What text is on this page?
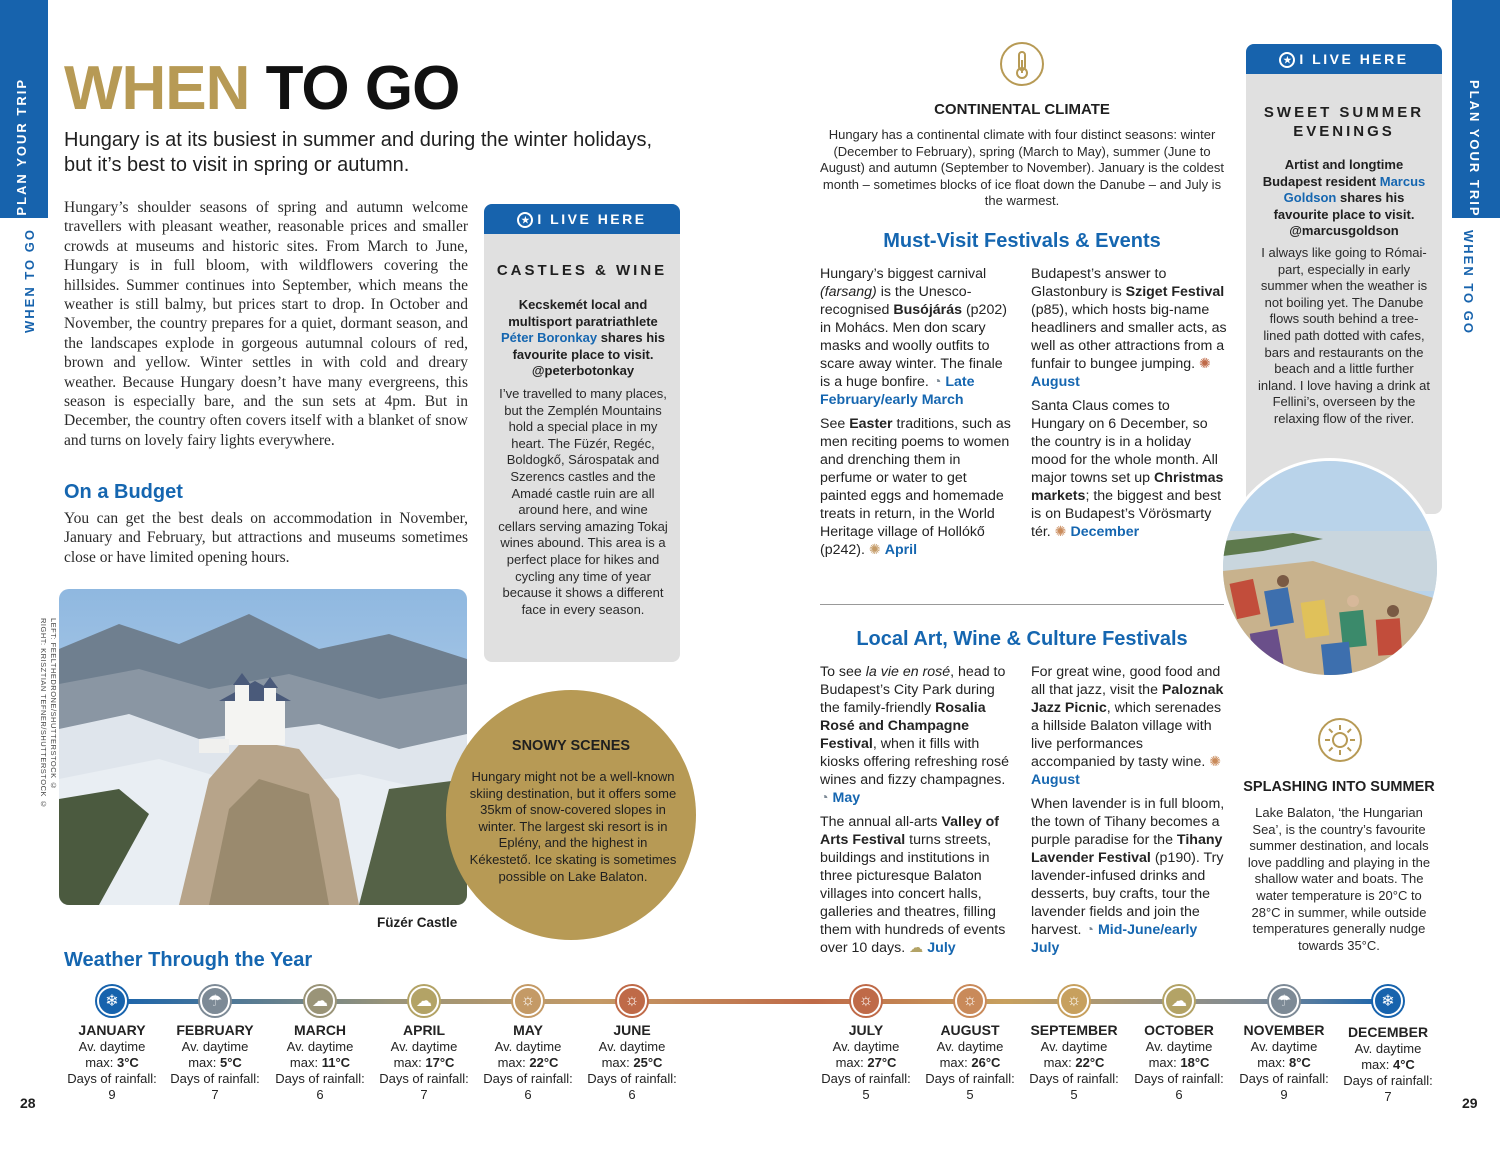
PLAN YOUR TRIP
WHEN TO GO
28
PLAN YOUR TRIP
WHEN TO GO
29
WHEN TO GO
Hungary is at its busiest in summer and during the winter holidays, but it’s best to visit in spring or autumn.
Hungary’s shoulder seasons of spring and autumn welcome travellers with pleasant weather, reasonable prices and smaller crowds at museums and historic sites. From March to June, Hungary is in full bloom, with wildflowers covering the hillsides. Summer continues into September, which means the weather is still balmy, but prices start to drop. In October and November, the country prepares for a quiet, dormant season, and the landscapes explode in gorgeous autumnal colours of red, brown and yellow. Winter settles in with cold and dreary weather. Because Hungary doesn’t have many evergreens, this season is especially bare, and the sun sets at 4pm. But in December, the country often covers itself with a blanket of snow and turns on lovely fairy lights everywhere.
On a Budget
You can get the best deals on accommodation in November, January and February, but attractions and museums sometimes close or have limited opening hours.
LEFT: FEELTHEDRONE/SHUTTERSTOCK ©
RIGHT: KRISZTIAN TEFNER/SHUTTERSTOCK ©
Füzér Castle
★ I LIVE HERE
CASTLES & WINE
Kecskemét local and multisport paratriathlete Péter Boronkay shares his favourite place to visit.
@peterbotonkay
I’ve travelled to many places, but the Zemplén Mountains hold a special place in my heart. The Füzér, Regéc, Boldogkő, Sárospatak and Szerencs castles and the Amadé castle ruin are all around here, and wine cellars serving amazing Tokaj wines abound. This area is a perfect place for hikes and cycling any time of year because it shows a different face in every season.
SNOWY SCENES
Hungary might not be a well-known skiing destination, but it offers some 35km of snow-covered slopes in winter. The largest ski resort is in Eplény, and the highest in Kékestető. Ice skating is sometimes possible on Lake Balaton.
CONTINENTAL CLIMATE
Hungary has a continental climate with four distinct seasons: winter (December to February), spring (March to May), summer (June to August) and autumn (September to November). January is the coldest month – sometimes blocks of ice float down the Danube – and July is the warmest.
Must-Visit Festivals & Events

Hungary’s biggest carnival (farsang) is the Unesco-recognised Busójárás (p202) in Mohács. Men don scary masks and woolly outfits to scare away winter. The finale is a huge bonfire. ◔ Late February/early March

See Easter traditions, such as men reciting poems to women and drenching them in perfume or water to get painted eggs and homemade treats in return, in the World Heritage village of Hollókő (p242). ✺ April

Budapest’s answer to Glastonbury is Sziget Festival (p85), which hosts big-name headliners and smaller acts, as well as other attractions from a funfair to bungee jumping. ✺ August

Santa Claus comes to Hungary on 6 December, so the country is in a holiday mood for the whole month. All major towns set up Christmas markets; the biggest and best is on Budapest’s Vörösmarty tér. ✺ December

Local Art, Wine & Culture Festivals

To see la vie en rosé, head to Budapest’s City Park during the family-friendly Rosalia Rosé and Champagne Festival, when it fills with kiosks offering refreshing rosé wines and fizzy champagnes. ◔ May

The annual all-arts Valley of Arts Festival turns streets, buildings and institutions in three picturesque Balaton villages into concert halls, galleries and theatres, filling them with hundreds of events over 10 days. ☁ July

For great wine, good food and all that jazz, visit the Paloznak Jazz Picnic, which serenades a hillside Balaton village with live performances accompanied by tasty wine. ✺ August

When lavender is in full bloom, the town of Tihany becomes a purple paradise for the Tihany Lavender Festival (p190). Try lavender-infused drinks and desserts, buy crafts, tour the lavender fields and join the harvest. ◔ Mid-June/early July

★ I LIVE HERE
SWEET SUMMER
EVENINGS
Artist and longtime Budapest resident Marcus Goldson shares his favourite place to visit.
@marcusgoldson
I always like going to Római-part, especially in early summer when the weather is not boiling yet. The Danube flows south behind a tree-lined path dotted with cafes, bars and restaurants on the beach and a little further inland. I love having a drink at Fellini’s, overseen by the relaxing flow of the river.
SPLASHING INTO SUMMER
Lake Balaton, ‘the Hungarian Sea’, is the country’s favourite summer destination, and locals love paddling and playing in the shallow water and boats. The water temperature is 20°C to 28°C in summer, while outside temperatures generally nudge towards 35°C.
Weather Through the Year
❄
JANUARY
Av. daytime
max: 3°C
Days of rainfall:
9
☂
FEBRUARY
Av. daytime
max: 5°C
Days of rainfall:
7
☁
MARCH
Av. daytime
max: 11°C
Days of rainfall:
6
☁
APRIL
Av. daytime
max: 17°C
Days of rainfall:
7
☼
MAY
Av. daytime
max: 22°C
Days of rainfall:
6
☼
JUNE
Av. daytime
max: 25°C
Days of rainfall:
6
☼
JULY
Av. daytime
max: 27°C
Days of rainfall:
5
☼
AUGUST
Av. daytime
max: 26°C
Days of rainfall:
5
☼
SEPTEMBER
Av. daytime
max: 22°C
Days of rainfall:
5
☁
OCTOBER
Av. daytime
max: 18°C
Days of rainfall:
6
☂
NOVEMBER
Av. daytime
max: 8°C
Days of rainfall:
9
❄
DECEMBER
Av. daytime
max: 4°C
Days of rainfall:
7
